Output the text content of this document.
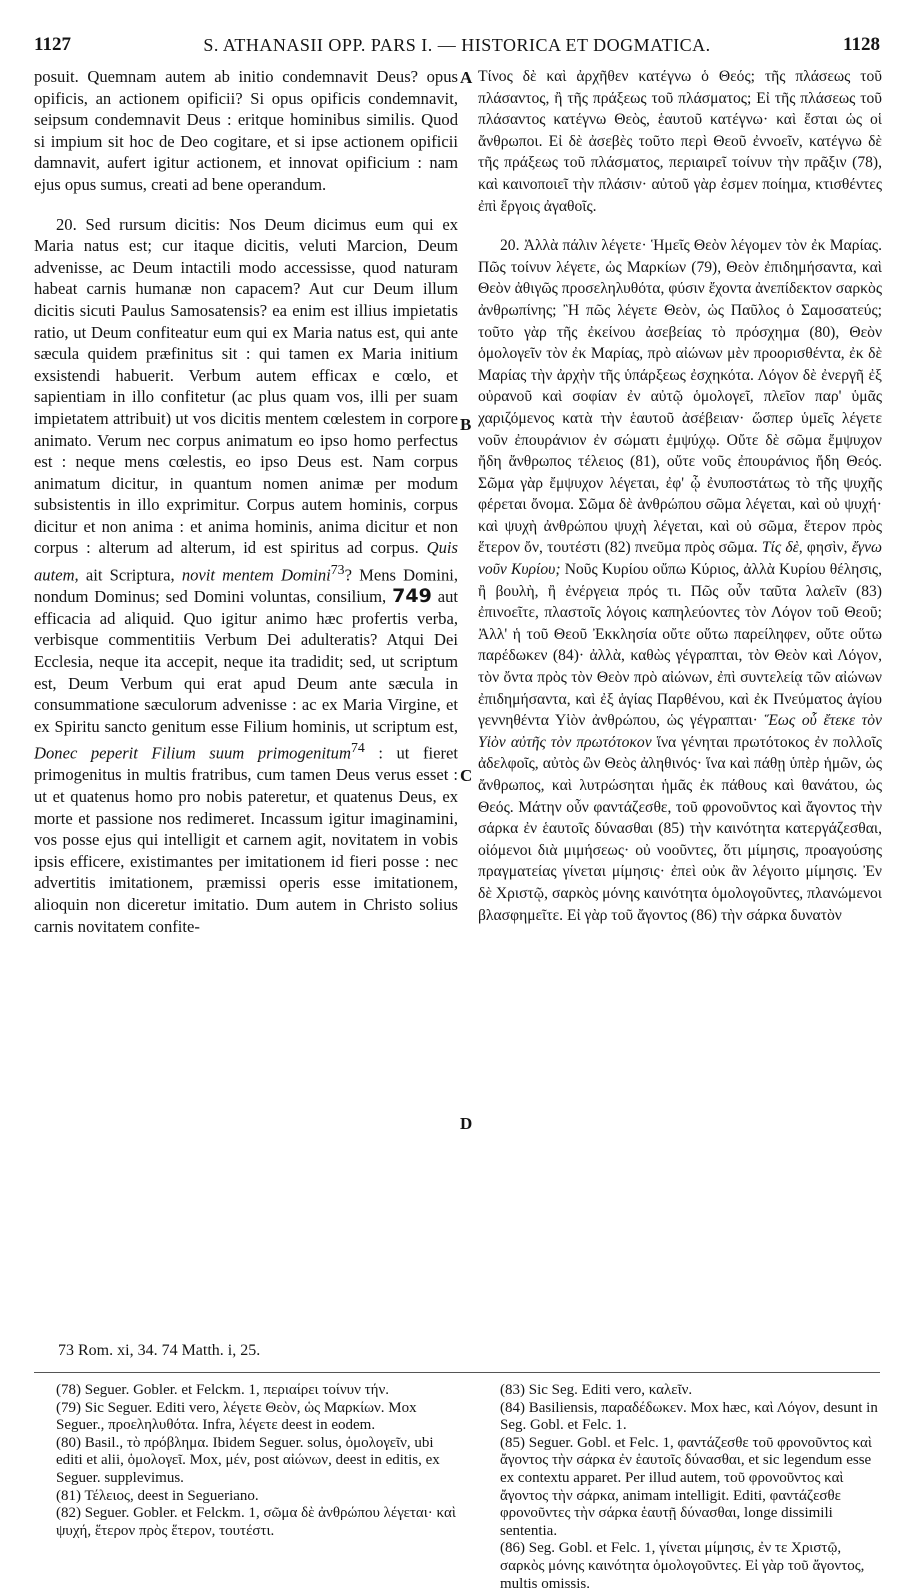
1127	S. ATHANASII OPP. PARS I. — HISTORICA ET DOGMATICA.	1128

posuit. Quemnam autem ab initio condemnavit Deus? opus opificis, an actionem opificii? Si opus opificis condemnavit, seipsum condemnavit Deus : eritque hominibus similis. Quod si impium sit hoc de Deo cogitare, et si ipse actionem opificii damnavit, aufert igitur actionem, et innovat opificium : nam ejus opus sumus, creati ad bene operandum.

20. Sed rursum dicitis: Nos Deum dicimus eum qui ex Maria natus est; cur itaque dicitis, veluti Marcion, Deum advenisse, ac Deum intactili modo accessisse, quod naturam habeat carnis humanæ non capacem? Aut cur Deum illum dicitis sicuti Paulus Samosatensis? ea enim est illius impietatis ratio, ut Deum confiteatur eum qui ex Maria natus est, qui ante sæcula quidem præfinitus sit : qui tamen ex Maria initium exsistendi habuerit. Verbum autem efficax e cœlo, et sapientiam in illo confitetur (ac plus quam vos, illi per suam impietatem attribuit) ut vos dicitis mentem cœlestem in corpore animato. Verum nec corpus animatum eo ipso homo perfectus est : neque mens cœlestis, eo ipso Deus est. Nam corpus animatum dicitur, in quantum nomen animæ per modum subsistentis in illo exprimitur. Corpus autem hominis, corpus dicitur et non anima : et anima hominis, anima dicitur et non corpus : alterum ad alterum, id est spiritus ad corpus. Quis autem, ait Scriptura, novit mentem Domini$^{73}$? Mens Domini, nondum Dominus; sed Domini voluntas, consilium, 749 aut efficacia ad aliquid. Quo igitur animo hæc profertis verba, verbisque commentitiis Verbum Dei adulteratis? Atqui Dei Ecclesia, neque ita accepit, neque ita tradidit; sed, ut scriptum est, Deum Verbum qui erat apud Deum ante sæcula in consummatione sæculorum advenisse : ac ex Maria Virgine, et ex Spiritu sancto genitum esse Filium hominis, ut scriptum est, Donec peperit Filium suum primogenitum$^{74}$ : ut fieret primogenitus in multis fratribus, cum tamen Deus verus esset : ut et quatenus homo pro nobis pateretur, et quatenus Deus, ex morte et passione nos redimeret. Incassum igitur imaginamini, vos posse ejus qui intelligit et carnem agit, novitatem in vobis ipsis efficere, existimantes per imitationem id fieri posse : nec advertitis imitationem, præmissi operis esse imitationem, alioquin non diceretur imitatio. Dum autem in Christo solius carnis novitatem confite-

A
B
C
D

Τίνος δὲ καὶ ἀρχῆθεν κατέγνω ὁ Θεός; τῆς πλάσεως τοῦ πλάσαντος, ἢ τῆς πράξεως τοῦ πλάσματος; Εἰ τῆς πλάσεως τοῦ πλάσαντος κατέγνω Θεὸς, ἑαυτοῦ κατέγνω· καὶ ἔσται ὡς οἱ ἄνθρωποι. Εἰ δὲ ἀσεβὲς τοῦτο περὶ Θεοῦ ἐννοεῖν, κατέγνω δὲ τῆς πράξεως τοῦ πλάσματος, περιαιρεῖ τοίνυν τὴν πρᾶξιν (78), καὶ καινοποιεῖ τὴν πλάσιν· αὐτοῦ γὰρ ἐσμεν ποίημα, κτισθέντες ἐπὶ ἔργοις ἀγαθοῖς.

20. Ἀλλὰ πάλιν λέγετε· Ἡμεῖς Θεὸν λέγομεν τὸν ἐκ Μαρίας. Πῶς τοίνυν λέγετε, ὡς Μαρκίων (79), Θεὸν ἐπιδημήσαντα, καὶ Θεὸν ἀθιγῶς προσεληλυθότα, φύσιν ἔχοντα ἀνεπίδεκτον σαρκὸς ἀνθρωπίνης; Ἢ πῶς λέγετε Θεὸν, ὡς Παῦλος ὁ Σαμοσατεύς; τοῦτο γὰρ τῆς ἐκείνου ἀσεβείας τὸ πρόσχημα (80), Θεὸν ὁμολογεῖν τὸν ἐκ Μαρίας, πρὸ αἰώνων μὲν προορισθέντα, ἐκ δὲ Μαρίας τὴν ἀρχὴν τῆς ὑπάρξεως ἐσχηκότα. Λόγον δὲ ἐνεργῆ ἐξ οὐρανοῦ καὶ σοφίαν ἐν αὐτῷ ὁμολογεῖ, πλεῖον παρ' ὑμᾶς χαριζόμενος κατὰ τὴν ἑαυτοῦ ἀσέβειαν· ὥσπερ ὑμεῖς λέγετε νοῦν ἐπουράνιον ἐν σώματι ἐμψύχῳ. Οὔτε δὲ σῶμα ἔμψυχον ἤδη ἄνθρωπος τέλειος (81), οὔτε νοῦς ἐπουράνιος ἤδη Θεός. Σῶμα γὰρ ἔμψυχον λέγεται, ἐφ' ᾧ ἐνυποστάτως τὸ τῆς ψυχῆς φέρεται ὄνομα. Σῶμα δὲ ἀνθρώπου σῶμα λέγεται, καὶ οὐ ψυχή· καὶ ψυχὴ ἀνθρώπου ψυχὴ λέγεται, καὶ οὐ σῶμα, ἕτερον πρὸς ἕτερον ὄν, τουτέστι (82) πνεῦμα πρὸς σῶμα. Τίς δὲ, φησὶν, ἔγνω νοῦν Κυρίου; Νοῦς Κυρίου οὔπω Κύριος, ἀλλὰ Κυρίου θέλησις, ἢ βουλὴ, ἢ ἐνέργεια πρός τι. Πῶς οὖν ταῦτα λαλεῖν (83) ἐπινοεῖτε, πλαστοῖς λόγοις καπηλεύοντες τὸν Λόγον τοῦ Θεοῦ; Ἀλλ' ἡ τοῦ Θεοῦ Ἐκκλησία οὔτε οὕτω παρείληφεν, οὔτε οὕτω παρέδωκεν (84)· ἀλλὰ, καθὼς γέγραπται, τὸν Θεὸν καὶ Λόγον, τὸν ὄντα πρὸς τὸν Θεὸν πρὸ αἰώνων, ἐπὶ συντελείᾳ τῶν αἰώνων ἐπιδημήσαντα, καὶ ἐξ ἁγίας Παρθένου, καὶ ἐκ Πνεύματος ἁγίου γεννηθέντα Υἱὸν ἀνθρώπου, ὡς γέγραπται· Ἕως οὗ ἔτεκε τὸν Υἱὸν αὐτῆς τὸν πρωτότοκον ἵνα γένηται πρωτότοκος ἐν πολλοῖς ἀδελφοῖς, αὐτὸς ὢν Θεὸς ἀληθινός· ἵνα καὶ πάθῃ ὑπὲρ ἡμῶν, ὡς ἄνθρωπος, καὶ λυτρώσηται ἡμᾶς ἐκ πάθους καὶ θανάτου, ὡς Θεός. Μάτην οὖν φαντάζεσθε, τοῦ φρονοῦντος καὶ ἄγοντος τὴν σάρκα ἐν ἑαυτοῖς δύνασθαι (85) τὴν καινότητα κατεργάζεσθαι, οἰόμενοι διὰ μιμήσεως· οὐ νοοῦντες, ὅτι μίμησις, προαγούσης πραγματείας γίνεται μίμησις· ἐπεὶ οὐκ ἂν λέγοιτο μίμησις. Ἐν δὲ Χριστῷ, σαρκὸς μόνης καινότητα ὁμολογοῦντες, πλανώμενοι βλασφημεῖτε. Εἰ γὰρ τοῦ ἄγοντος (86) τὴν σάρκα δυνατὸν

73 Rom. xi, 34. 74 Matth. i, 25.

(78) Seguer. Gobler. et Felckm. 1, περιαίρει τοίνυν τήν.

(79) Sic Seguer. Editi vero, λέγετε Θεὸν, ὡς Μαρκίων. Mox Seguer., προεληλυθότα. Infra, λέγετε deest in eodem.

(80) Basil., τὸ πρόβλημα. Ibidem Seguer. solus, ὁμολογεῖν, ubi editi et alii, ὁμολογεῖ. Mox, μέν, post αἰώνων, deest in editis, ex Seguer. supplevimus.

(81) Τέλειος, deest in Segueriano.

(82) Seguer. Gobler. et Felckm. 1, σῶμα δὲ ἀνθρώπου λέγεται· καὶ ψυχή, ἕτερον πρὸς ἕτερον, τουτέστι.

(83) Sic Seg. Editi vero, καλεῖν.

(84) Basiliensis, παραδέδωκεν. Mox hæc, καὶ Λόγον, desunt in Seg. Gobl. et Felc. 1.

(85) Seguer. Gobl. et Felc. 1, φαντάζεσθε τοῦ φρονοῦντος καὶ ἄγοντος τὴν σάρκα ἐν ἑαυτοῖς δύνασθαι, et sic legendum esse ex contextu apparet. Per illud autem, τοῦ φρονοῦντος καὶ ἄγοντος τὴν σάρκα, animam intelligit. Editi, φαντάζεσθε φρονοῦντες τὴν σάρκα ἑαυτῇ δύνασθαι, longe dissimili sententia.

(86) Seg. Gobl. et Felc. 1, γίνεται μίμησις, ἐν τε Χριστῷ, σαρκὸς μόνης καινότητα ὁμολογοῦντες. Εἰ γὰρ τοῦ ἄγοντος, multis omissis.
